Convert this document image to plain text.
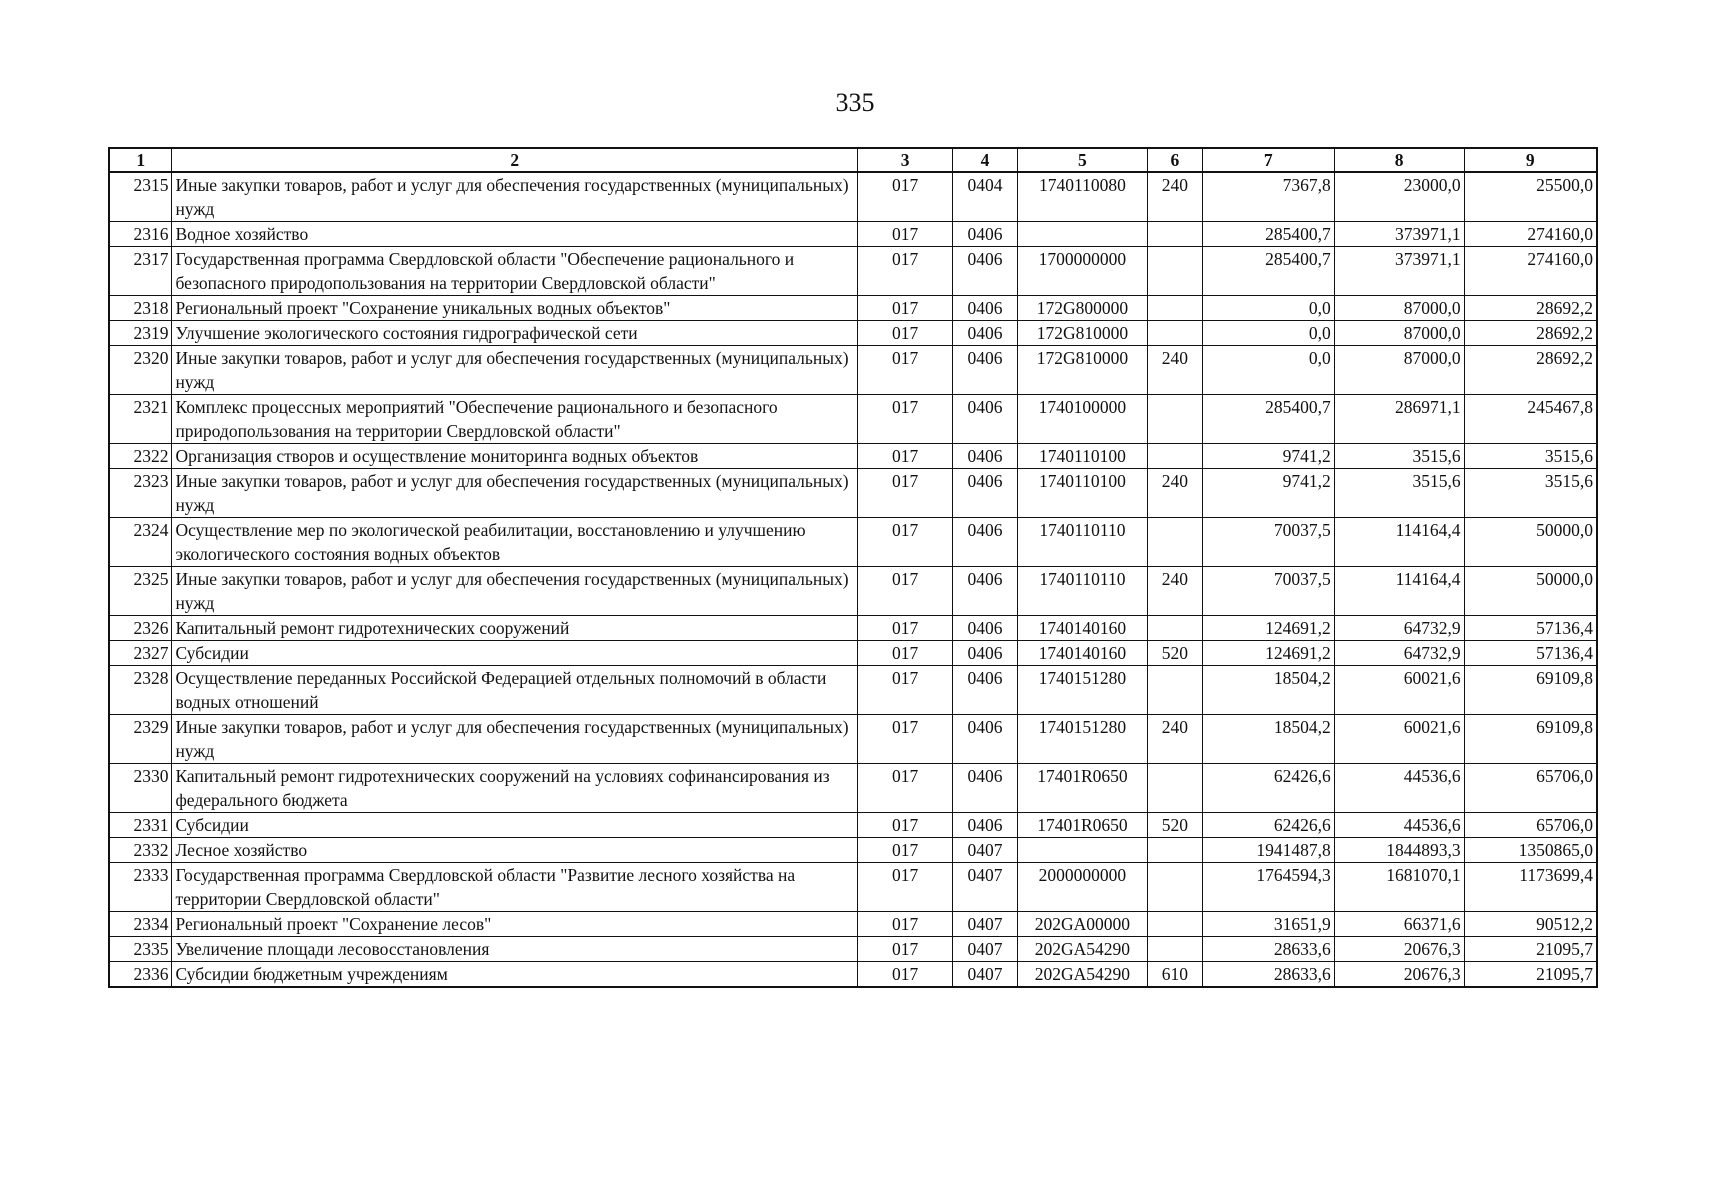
335
1	2	3	4	5	6	7	8	9
2315	Иные закупки товаров, работ и услуг для обеспечения государственных (муниципальных) нужд	017	0404	1740110080	240	7367,8	23000,0	25500,0
2316	Водное хозяйство	017	0406			285400,7	373971,1	274160,0
2317	Государственная программа Свердловской области "Обеспечение рационального и безопасного природопользования на территории Свердловской области"	017	0406	1700000000		285400,7	373971,1	274160,0
2318	Региональный проект "Сохранение уникальных водных объектов"	017	0406	172G800000		0,0	87000,0	28692,2
2319	Улучшение экологического состояния гидрографической сети	017	0406	172G810000		0,0	87000,0	28692,2
2320	Иные закупки товаров, работ и услуг для обеспечения государственных (муниципальных) нужд	017	0406	172G810000	240	0,0	87000,0	28692,2
2321	Комплекс процессных мероприятий "Обеспечение рационального и безопасного природопользования на территории Свердловской области"	017	0406	1740100000		285400,7	286971,1	245467,8
2322	Организация створов и осуществление мониторинга водных объектов	017	0406	1740110100		9741,2	3515,6	3515,6
2323	Иные закупки товаров, работ и услуг для обеспечения государственных (муниципальных) нужд	017	0406	1740110100	240	9741,2	3515,6	3515,6
2324	Осуществление мер по экологической реабилитации, восстановлению и улучшению экологического состояния водных объектов	017	0406	1740110110		70037,5	114164,4	50000,0
2325	Иные закупки товаров, работ и услуг для обеспечения государственных (муниципальных) нужд	017	0406	1740110110	240	70037,5	114164,4	50000,0
2326	Капитальный ремонт гидротехнических сооружений	017	0406	1740140160		124691,2	64732,9	57136,4
2327	Субсидии	017	0406	1740140160	520	124691,2	64732,9	57136,4
2328	Осуществление переданных Российской Федерацией отдельных полномочий в области водных отношений	017	0406	1740151280		18504,2	60021,6	69109,8
2329	Иные закупки товаров, работ и услуг для обеспечения государственных (муниципальных) нужд	017	0406	1740151280	240	18504,2	60021,6	69109,8
2330	Капитальный ремонт гидротехнических сооружений на условиях софинансирования из федерального бюджета	017	0406	17401R0650		62426,6	44536,6	65706,0
2331	Субсидии	017	0406	17401R0650	520	62426,6	44536,6	65706,0
2332	Лесное хозяйство	017	0407			1941487,8	1844893,3	1350865,0
2333	Государственная программа Свердловской области "Развитие лесного хозяйства на территории Свердловской области"	017	0407	2000000000		1764594,3	1681070,1	1173699,4
2334	Региональный проект "Сохранение лесов"	017	0407	202GA00000		31651,9	66371,6	90512,2
2335	Увеличение площади лесовосстановления	017	0407	202GA54290		28633,6	20676,3	21095,7
2336	Субсидии бюджетным учреждениям	017	0407	202GA54290	610	28633,6	20676,3	21095,7
